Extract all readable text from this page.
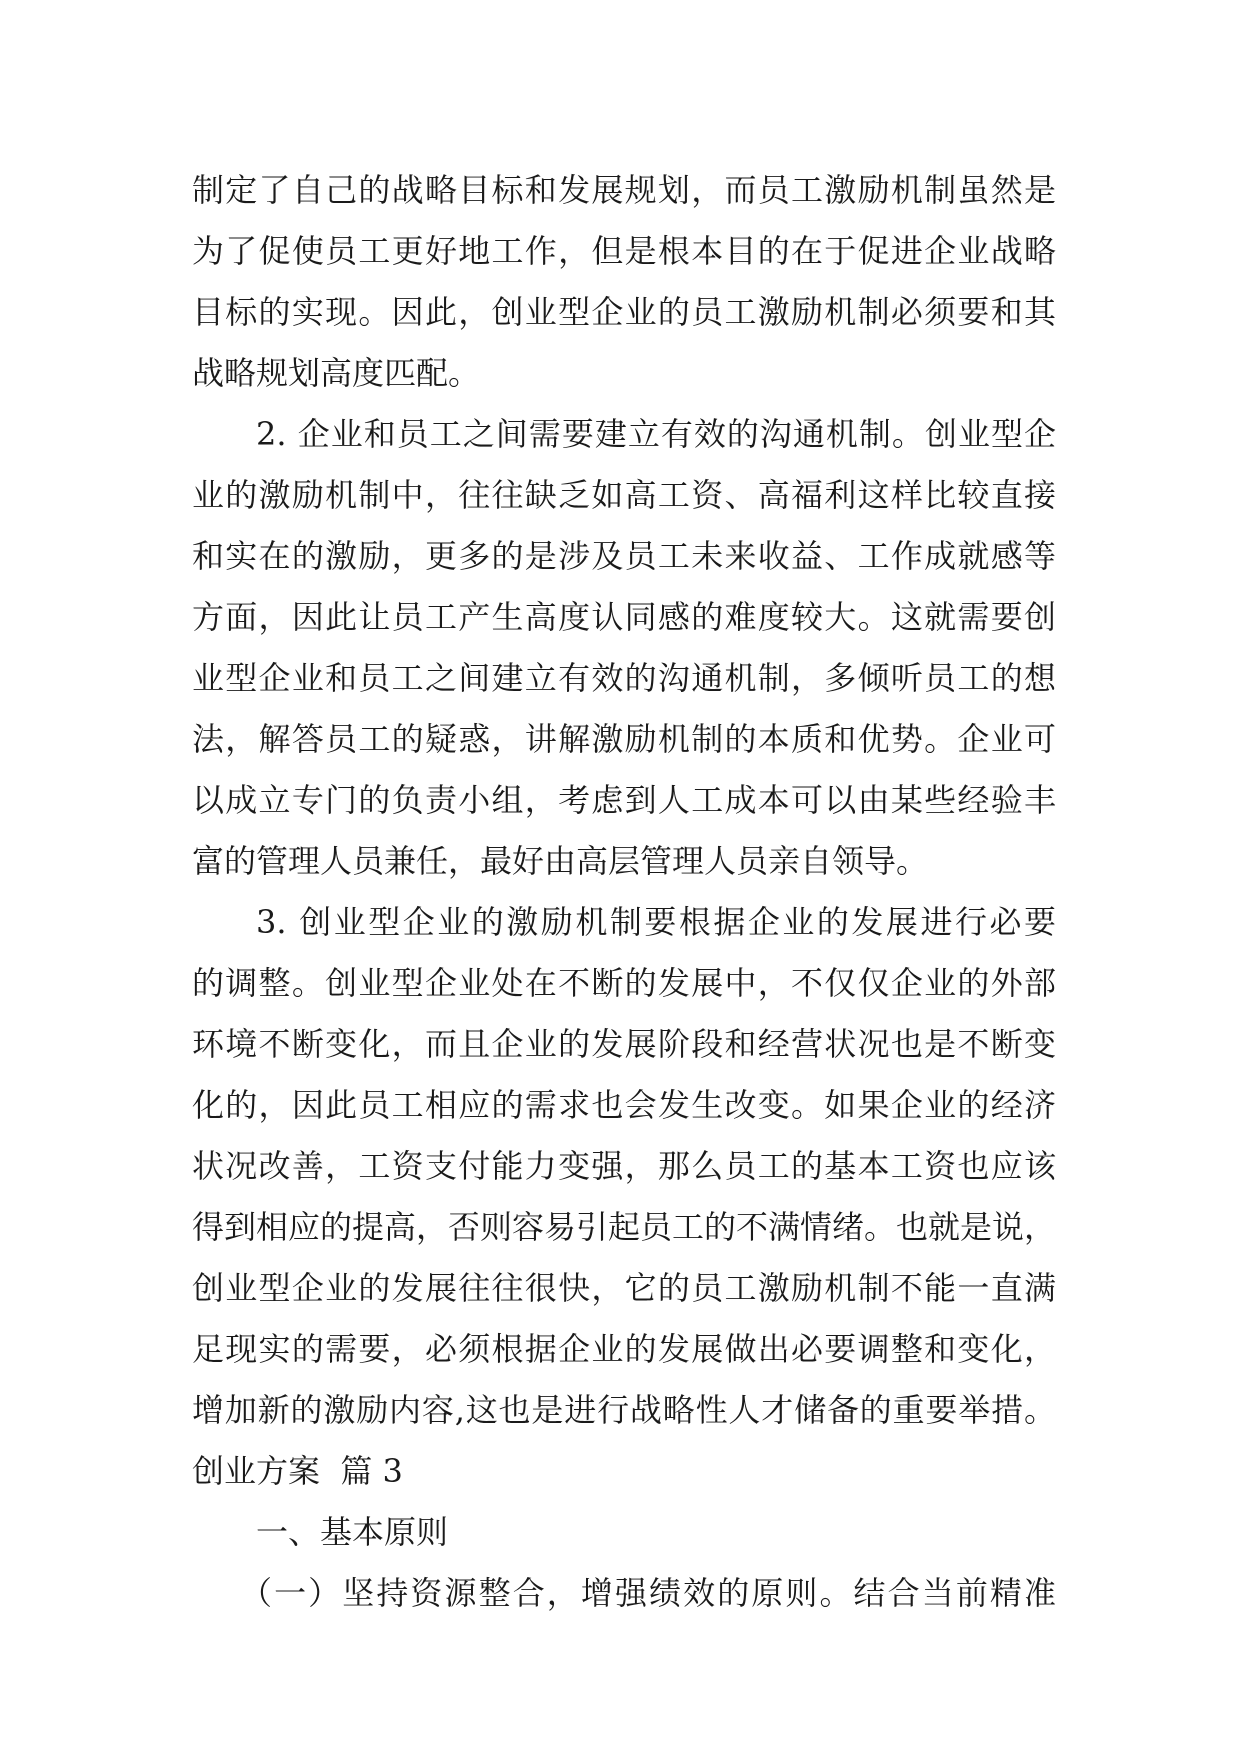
制定了自己的战略目标和发展规划，而员工激励机制虽然是
为了促使员工更好地工作，但是根本目的在于促进企业战略
目标的实现。因此，创业型企业的员工激励机制必须要和其
战略规划高度匹配。
2. 企业和员工之间需要建立有效的沟通机制。创业型企
业的激励机制中，往往缺乏如高工资、高福利这样比较直接
和实在的激励，更多的是涉及员工未来收益、工作成就感等
方面，因此让员工产生高度认同感的难度较大。这就需要创
业型企业和员工之间建立有效的沟通机制，多倾听员工的想
法，解答员工的疑惑，讲解激励机制的本质和优势。企业可
以成立专门的负责小组，考虑到人工成本可以由某些经验丰
富的管理人员兼任，最好由高层管理人员亲自领导。
3. 创业型企业的激励机制要根据企业的发展进行必要
的调整。创业型企业处在不断的发展中，不仅仅企业的外部
环境不断变化，而且企业的发展阶段和经营状况也是不断变
化的，因此员工相应的需求也会发生改变。如果企业的经济
状况改善，工资支付能力变强，那么员工的基本工资也应该
得到相应的提高，否则容易引起员工的不满情绪。也就是说，
创业型企业的发展往往很快，它的员工激励机制不能一直满
足现实的需要，必须根据企业的发展做出必要调整和变化，
增加新的激励内容,这也是进行战略性人才储备的重要举措。
创业方案  篇 3
一、基本原则
（一）坚持资源整合，增强绩效的原则。结合当前精准
